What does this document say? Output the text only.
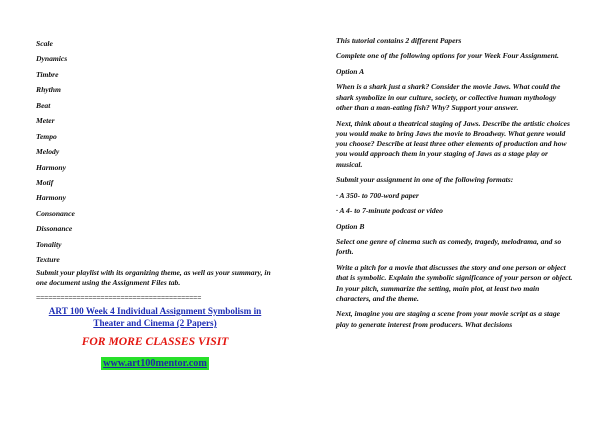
Scale
Dynamics
Timbre
Rhythm
Beat
Meter
Tempo
Melody
Harmony
Motif
Harmony
Consonance
Dissonance
Tonality
Texture

Submit your playlist with its organizing theme, as well as your summary, in one document using the Assignment Files tab.

=========================================
ART 100 Week 4 Individual Assignment Symbolism in Theater and Cinema (2 Papers)
FOR MORE CLASSES VISIT
www.art100mentor.com

This tutorial contains 2 different Papers

Complete one of the following options for your Week Four Assignment.

Option A

When is a shark just a shark? Consider the movie Jaws. What could the shark symbolize in our culture, society, or collective human mythology other than a man-eating fish? Why? Support your answer.

Next, think about a theatrical staging of Jaws. Describe the artistic choices you would make to bring Jaws the movie to Broadway. What genre would you choose? Describe at least three other elements of production and how you would approach them in your staging of Jaws as a stage play or musical.

Submit your assignment in one of the following formats:

· A 350- to 700-word paper

· A 4- to 7-minute podcast or video

Option B

Select one genre of cinema such as comedy, tragedy, melodrama, and so forth.

Write a pitch for a movie that discusses the story and one person or object that is symbolic. Explain the symbolic significance of your person or object. In your pitch, summarize the setting, main plot, at least two main characters, and the theme.

Next, imagine you are staging a scene from your movie script as a stage play to generate interest from producers. What decisions
